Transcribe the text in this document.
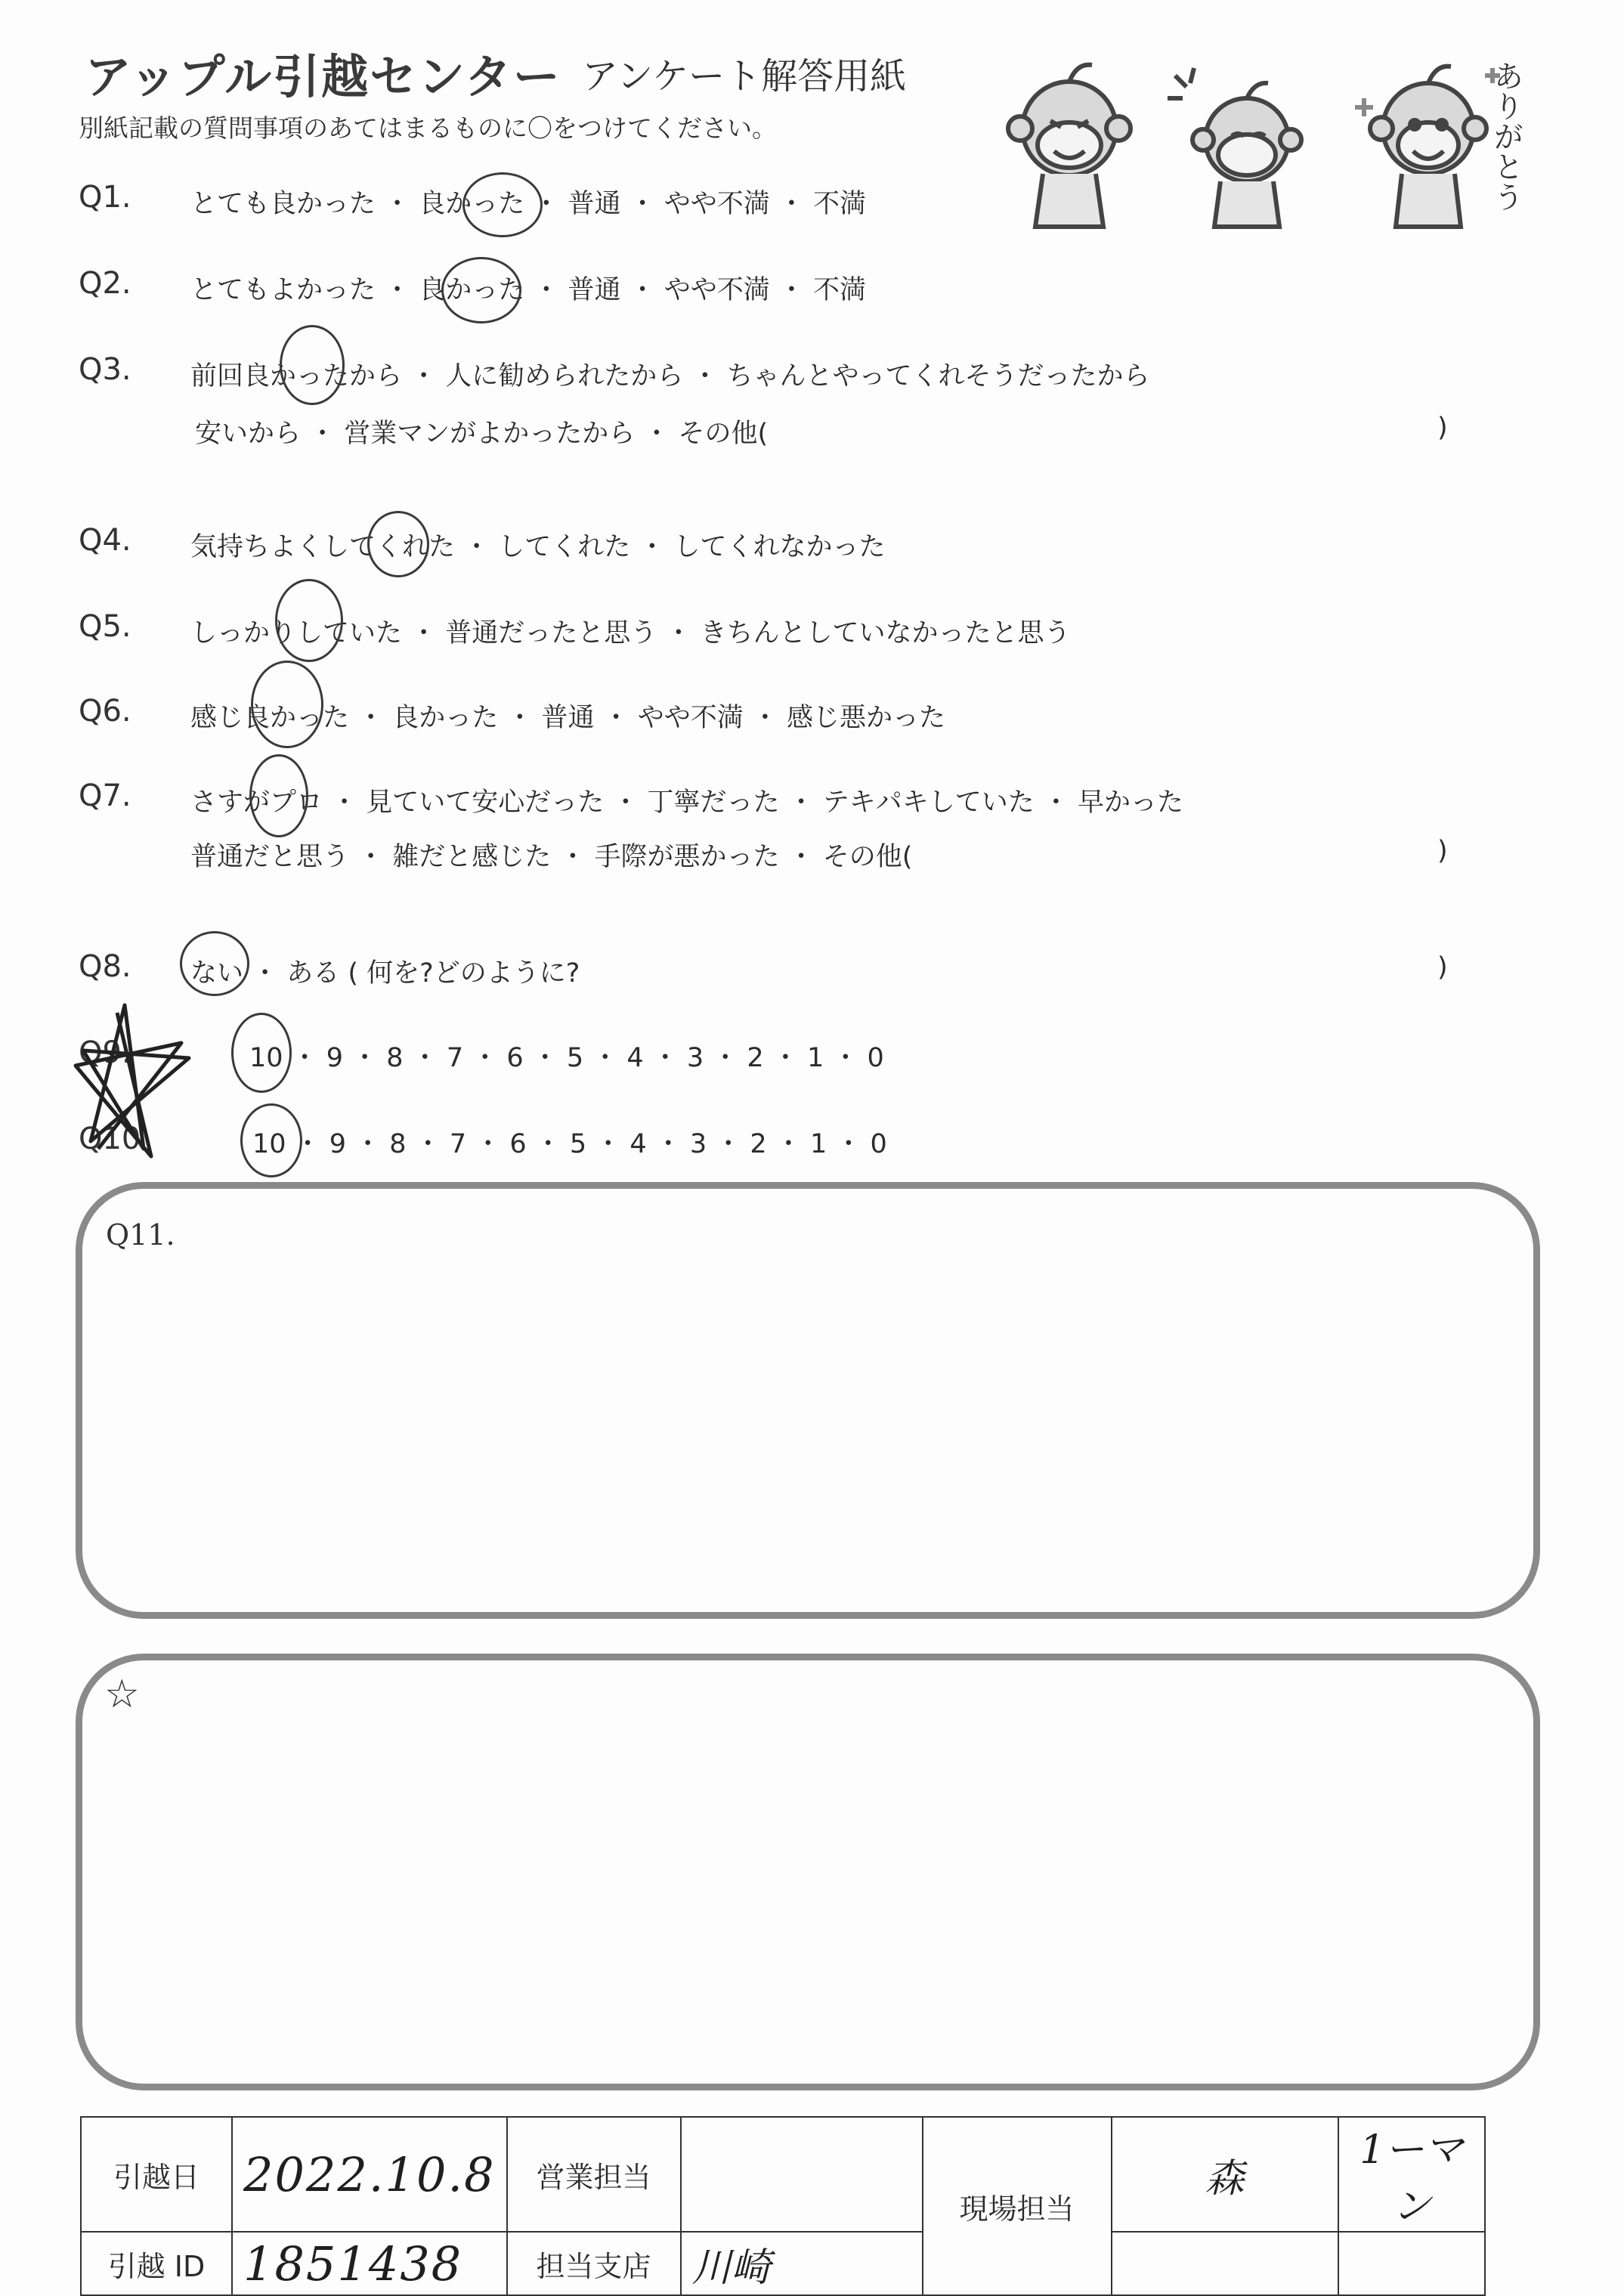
アップル引越センター アンケート解答用紙
別紙記載の質問事項のあてはまるものに〇をつけてください。	ありがとう
Q1. とても良かった ・ 良かった ・ 普通 ・ やや不満 ・ 不満
Q2. とてもよかった ・ 良かった ・ 普通 ・ やや不満 ・ 不満
Q3. 前回良かったから ・ 人に勧められたから ・ ちゃんとやってくれそうだったから
安いから ・ 営業マンがよかったから ・ その他(	)
Q4. 気持ちよくしてくれた ・ してくれた ・ してくれなかった
Q5. しっかりしていた ・ 普通だったと思う ・ きちんとしていなかったと思う
Q6. 感じ良かった ・ 良かった ・ 普通 ・ やや不満 ・ 感じ悪かった
Q7. さすがプロ ・ 見ていて安心だった ・ 丁寧だった ・ テキパキしていた ・ 早かった
普通だと思う ・ 雑だと感じた ・ 手際が悪かった ・ その他(	)
Q8. ない ・ ある ( 何を?どのように?	)
Q9.	10 ・ 9 ・ 8 ・ 7 ・ 6 ・ 5 ・ 4 ・ 3 ・ 2 ・ 1 ・ 0
Q10	10 ・ 9 ・ 8 ・ 7 ・ 6 ・ 5 ・ 4 ・ 3 ・ 2 ・ 1 ・ 0
Q11.
☆
引越日	2022.10.8	営業担当		現場担当	森	1ーマン
引越 ID	1851438	担当支店	川崎			
